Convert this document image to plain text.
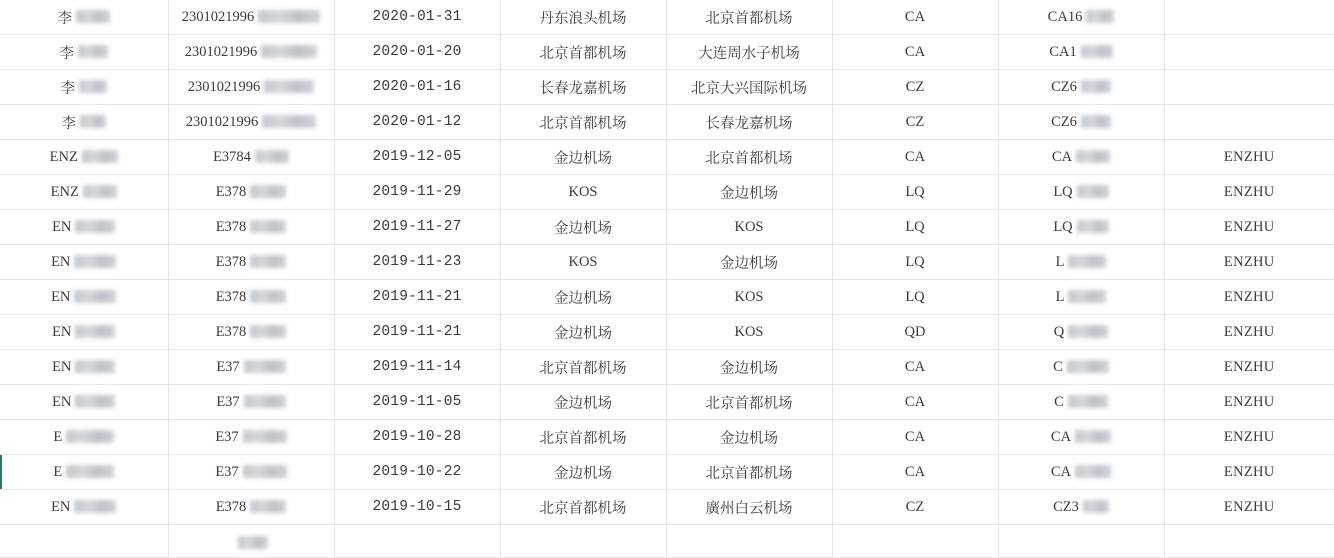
李	2301021996	2020-01-31	丹东浪头机场	北京首都机场	CA	CA16	

李	2301021996	2020-01-20	北京首都机场	大连周水子机场	CA	CA1	

李	2301021996	2020-01-16	长春龙嘉机场	北京大兴国际机场	CZ	CZ6	

李	2301021996	2020-01-12	北京首都机场	长春龙嘉机场	CZ	CZ6	

ENZ	E3784	2019-12-05	金边机场	北京首都机场	CA	CA	ENZHU

ENZ	E378	2019-11-29	KOS	金边机场	LQ	LQ	ENZHU

EN	E378	2019-11-27	金边机场	KOS	LQ	LQ	ENZHU

EN	E378	2019-11-23	KOS	金边机场	LQ	L	ENZHU

EN	E378	2019-11-21	金边机场	KOS	LQ	L	ENZHU

EN	E378	2019-11-21	金边机场	KOS	QD	Q	ENZHU

EN	E37	2019-11-14	北京首都机场	金边机场	CA	C	ENZHU

EN	E37	2019-11-05	金边机场	北京首都机场	CA	C	ENZHU

E	E37	2019-10-28	北京首都机场	金边机场	CA	CA	ENZHU

E	E37	2019-10-22	金边机场	北京首都机场	CA	CA	ENZHU

EN	E378	2019-10-15	北京首都机场	廣州白云机场	CZ	CZ3	ENZHU
